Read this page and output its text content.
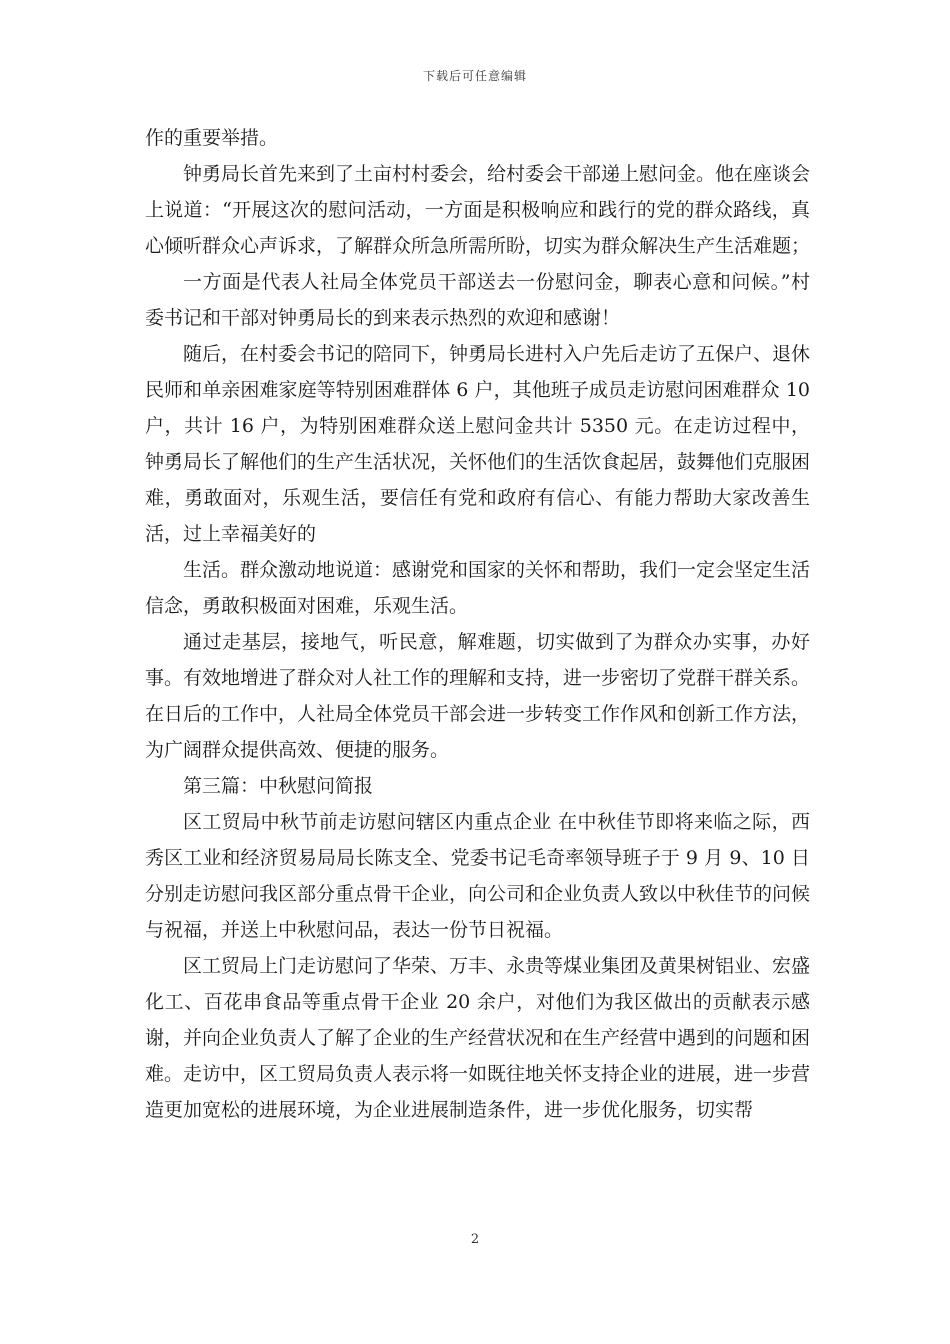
下载后可任意编辑

作的重要举措。

钟勇局长首先来到了土亩村村委会，给村委会干部递上慰问金。他在座谈会上说道：“开展这次的慰问活动，一方面是积极响应和践行的党的群众路线，真心倾听群众心声诉求，了解群众所急所需所盼，切实为群众解决生产生活难题；

一方面是代表人社局全体党员干部送去一份慰问金，聊表心意和问候。”村委书记和干部对钟勇局长的到来表示热烈的欢迎和感谢！

随后，在村委会书记的陪同下，钟勇局长进村入户先后走访了五保户、退休民师和单亲困难家庭等特别困难群体 6 户，其他班子成员走访慰问困难群众 10 户，共计 16 户，为特别困难群众送上慰问金共计 5350 元。在走访过程中，钟勇局长了解他们的生产生活状况，关怀他们的生活饮食起居，鼓舞他们克服困难，勇敢面对，乐观生活，要信任有党和政府有信心、有能力帮助大家改善生活，过上幸福美好的

生活。群众激动地说道：感谢党和国家的关怀和帮助，我们一定会坚定生活信念，勇敢积极面对困难，乐观生活。

通过走基层，接地气，听民意，解难题，切实做到了为群众办实事，办好事。有效地增进了群众对人社工作的理解和支持，进一步密切了党群干群关系。在日后的工作中，人社局全体党员干部会进一步转变工作作风和创新工作方法，为广阔群众提供高效、便捷的服务。

第三篇：中秋慰问简报

区工贸局中秋节前走访慰问辖区内重点企业 在中秋佳节即将来临之际，西秀区工业和经济贸易局局长陈支全、党委书记毛奇率领导班子于 9 月 9、10 日分别走访慰问我区部分重点骨干企业，向公司和企业负责人致以中秋佳节的问候与祝福，并送上中秋慰问品，表达一份节日祝福。

区工贸局上门走访慰问了华荣、万丰、永贵等煤业集团及黄果树铝业、宏盛化工、百花串食品等重点骨干企业 20 余户，对他们为我区做出的贡献表示感谢，并向企业负责人了解了企业的生产经营状况和在生产经营中遇到的问题和困难。走访中，区工贸局负责人表示将一如既往地关怀支持企业的进展，进一步营造更加宽松的进展环境，为企业进展制造条件，进一步优化服务，切实帮

2
